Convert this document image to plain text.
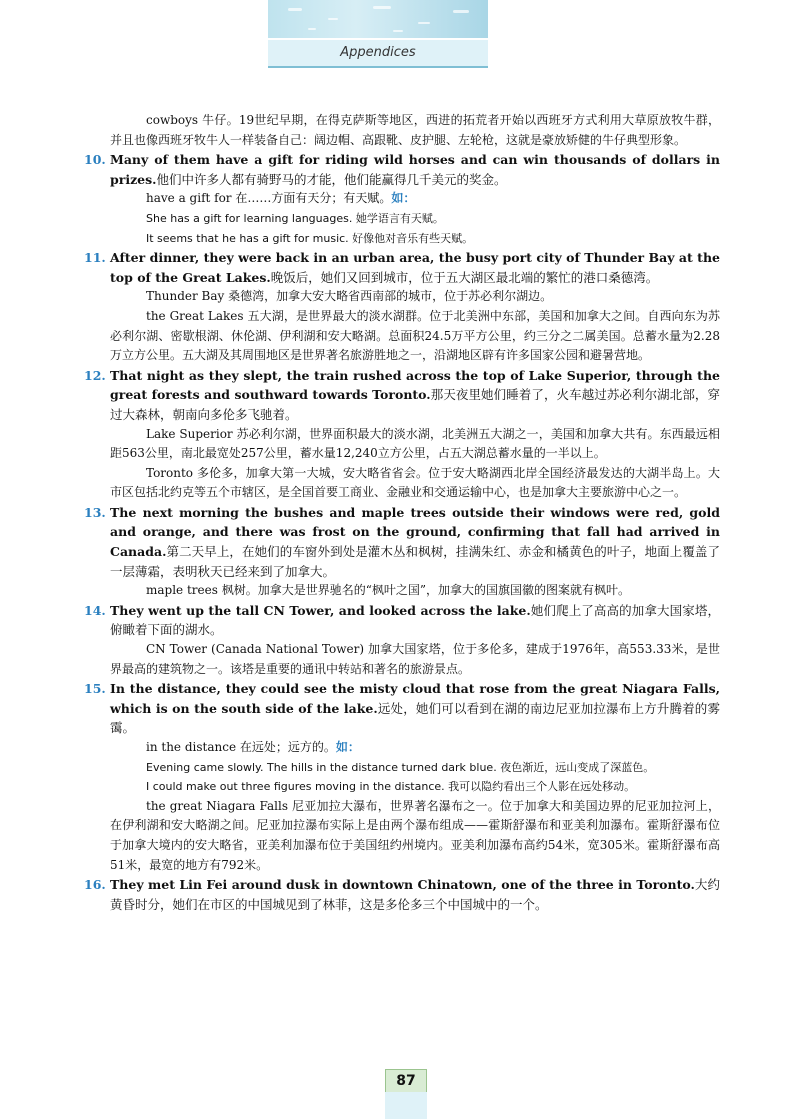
Appendices

cowboys 牛仔。19世纪早期，在得克萨斯等地区，西进的拓荒者开始以西班牙方式利用大草原放牧牛群，并且也像西班牙牧牛人一样装备自己：阔边帽、高跟靴、皮护腿、左轮枪，这就是豪放矫健的牛仔典型形象。

10. Many of them have a gift for riding wild horses and can win thousands of dollars in prizes.他们中许多人都有骑野马的才能，他们能赢得几千美元的奖金。

have a gift for 在……方面有天分；有天赋。如：

She has a gift for learning languages. 她学语言有天赋。

It seems that he has a gift for music. 好像他对音乐有些天赋。

11. After dinner, they were back in an urban area, the busy port city of Thunder Bay at the top of the Great Lakes.晚饭后，她们又回到城市，位于五大湖区最北端的繁忙的港口桑德湾。

Thunder Bay 桑德湾，加拿大安大略省西南部的城市，位于苏必利尔湖边。

the Great Lakes 五大湖，是世界最大的淡水湖群。位于北美洲中东部，美国和加拿大之间。自西向东为苏必利尔湖、密歇根湖、休伦湖、伊利湖和安大略湖。总面积24.5万平方公里，约三分之二属美国。总蓄水量为2.28万立方公里。五大湖及其周围地区是世界著名旅游胜地之一，沿湖地区辟有许多国家公园和避暑营地。

12. That night as they slept, the train rushed across the top of Lake Superior, through the great forests and southward towards Toronto.那天夜里她们睡着了，火车越过苏必利尔湖北部，穿过大森林，朝南向多伦多飞驰着。

Lake Superior 苏必利尔湖，世界面积最大的淡水湖，北美洲五大湖之一，美国和加拿大共有。东西最远相距563公里，南北最宽处257公里，蓄水量12,240立方公里，占五大湖总蓄水量的一半以上。

Toronto 多伦多，加拿大第一大城，安大略省省会。位于安大略湖西北岸全国经济最发达的大湖半岛上。大市区包括北约克等五个市辖区，是全国首要工商业、金融业和交通运输中心，也是加拿大主要旅游中心之一。

13. The next morning the bushes and maple trees outside their windows were red, gold and orange, and there was frost on the ground, confirming that fall had arrived in Canada.第二天早上，在她们的车窗外到处是灌木丛和枫树，挂满朱红、赤金和橘黄色的叶子，地面上覆盖了一层薄霜，表明秋天已经来到了加拿大。

maple trees 枫树。加拿大是世界驰名的“枫叶之国”，加拿大的国旗国徽的图案就有枫叶。

14. They went up the tall CN Tower, and looked across the lake.她们爬上了高高的加拿大国家塔，俯瞰着下面的湖水。

CN Tower (Canada National Tower) 加拿大国家塔，位于多伦多，建成于1976年，高553.33米，是世界最高的建筑物之一。该塔是重要的通讯中转站和著名的旅游景点。

15. In the distance, they could see the misty cloud that rose from the great Niagara Falls, which is on the south side of the lake.远处，她们可以看到在湖的南边尼亚加拉瀑布上方升腾着的雾霭。

in the distance 在远处；远方的。如：

Evening came slowly. The hills in the distance turned dark blue. 夜色渐近，远山变成了深蓝色。

I could make out three figures moving in the distance. 我可以隐约看出三个人影在远处移动。

the great Niagara Falls 尼亚加拉大瀑布，世界著名瀑布之一。位于加拿大和美国边界的尼亚加拉河上，在伊利湖和安大略湖之间。尼亚加拉瀑布实际上是由两个瀑布组成——霍斯舒瀑布和亚美利加瀑布。霍斯舒瀑布位于加拿大境内的安大略省，亚美利加瀑布位于美国纽约州境内。亚美利加瀑布高约54米，宽305米。霍斯舒瀑布高51米，最宽的地方有792米。

16. They met Lin Fei around dusk in downtown Chinatown, one of the three in Toronto.大约黄昏时分，她们在市区的中国城见到了林菲，这是多伦多三个中国城中的一个。

87
